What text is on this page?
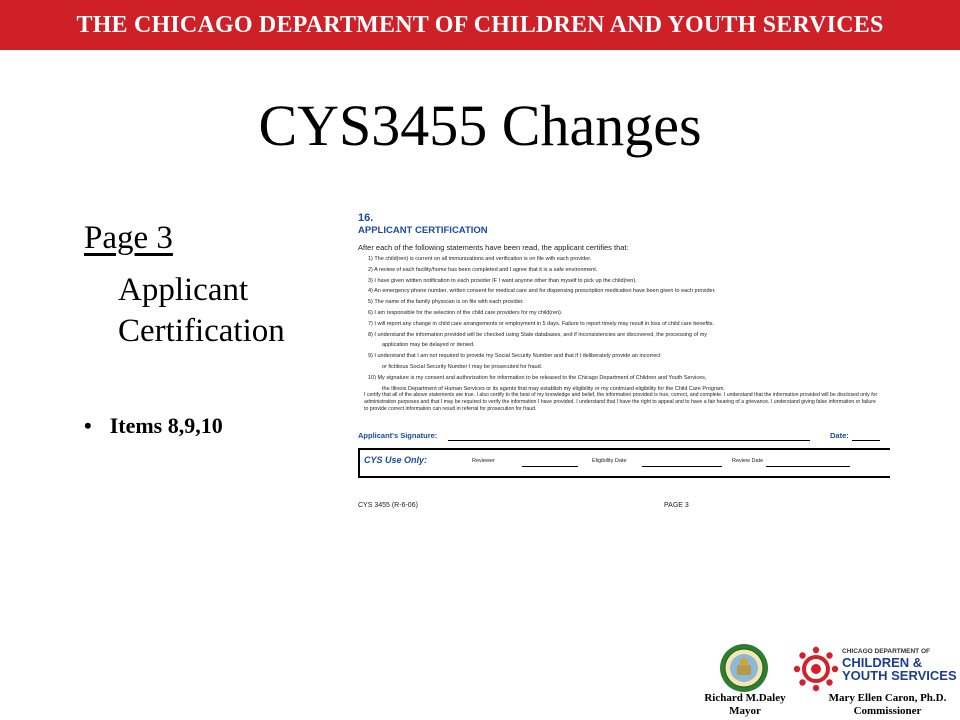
THE CHICAGO DEPARTMENT OF CHILDREN AND YOUTH SERVICES
CYS3455 Changes
Page 3
Applicant Certification
• Items 8,9,10
16.
APPLICANT CERTIFICATION
After each of the following statements have been read, the applicant certifies that:
1) The child(ren) is current on all immunizations and verification is on file with each provider.
2) A review of each facility/home has been completed and I agree that it is a safe environment.
3) I have given written notification to each provider IF I want anyone other than myself to pick up the child(ren).
4) An emergency phone number, written consent for medical care and for dispensing prescription medication have been given to each provider.
5) The name of the family physician is on file with each provider.
6) I am responsible for the selection of the child care providers for my child(ren).
7) I will report any change in child care arrangements or employment in 5 days. Failure to report timely may result in loss of child care benefits.
8) I understand the information provided will be checked using State databases, and if inconsistencies are discovered, the processing of my
application may be delayed or denied.
9) I understand that I am not required to provide my Social Security Number and that if I deliberately provide an incorrect
or fictitious Social Security Number I may be prosecuted for fraud.
10) My signature is my consent and authorization for information to be released to the Chicago Department of Children and Youth Services,
the Illinois Department of Human Services or its agents that may establish my eligibility or my continued eligibility for the Child Care Program.
I certify that all of the above statements are true. I also certify to the best of my knowledge and belief, the information provided is true, correct, and complete. I understand that the information provided will be disclosed only for administration purposes and that I may be required to verify the information I have provided. I understand that I have the right to appeal and to have a fair hearing of a grievance. I understand giving false information or failure to provide correct information can result in referral for prosecution for fraud.
Applicant's Signature:	Date:
CYS Use Only:	Reviewer	Eligibility Date	Review Date
CYS 3455 (R-6-06)	PAGE 3
Richard M.Daley
Mayor
CHICAGO DEPARTMENT OF
CHILDREN &
YOUTH SERVICES
Mary Ellen Caron, Ph.D.
Commissioner
